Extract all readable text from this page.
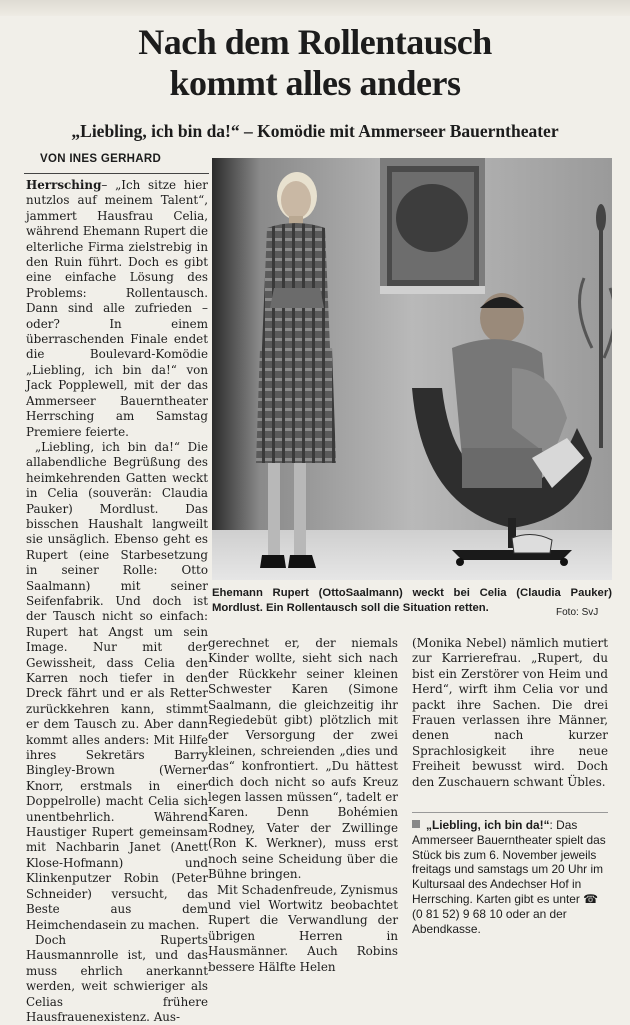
Nach dem Rollentausch
kommt alles anders
„Liebling, ich bin da!“ – Komödie mit Ammerseer Bauerntheater
VON INES GERHARD

Herrsching– „Ich sitze hier nutzlos auf meinem Talent“, jammert Hausfrau Celia, während Ehemann Rupert die elterliche Firma zielstrebig in den Ruin führt. Doch es gibt eine einfache Lösung des Problems: Rollentausch. Dann sind alle zufrieden – oder? In einem überraschenden Finale endet die Boulevard-Komödie „Liebling, ich bin da!“ von Jack Popplewell, mit der das Ammerseer Bauerntheater Herrsching am Samstag Premiere feierte.

„Liebling, ich bin da!“ Die allabendliche Begrüßung des heimkehrenden Gatten weckt in Celia (souverän: Claudia Pauker) Mordlust. Das bisschen Haushalt langweilt sie unsäglich. Ebenso geht es Rupert (eine Starbesetzung in seiner Rolle: Otto Saalmann) mit seiner Seifenfabrik. Und doch ist der Tausch nicht so einfach: Rupert hat Angst um sein Image. Nur mit der Gewissheit, dass Celia den Karren noch tiefer in den Dreck fährt und er als Retter zurückkehren kann, stimmt er dem Tausch zu. Aber dann kommt alles anders: Mit Hilfe ihres Sekretärs Barry Bingley-Brown (Werner Knorr, erstmals in einer Doppelrolle) macht Celia sich unentbehrlich. Während Haustiger Rupert gemeinsam mit Nachbarin Janet (Anett Klose-Hofmann) und Klinkenputzer Robin (Peter Schneider) versucht, das Beste aus dem Heimchendasein zu machen.

Doch Ruperts Hausmannrolle ist, und das muss ehrlich anerkannt werden, weit schwieriger als Celias frühere Hausfrauenexistenz. Aus-

Ehemann Rupert (OttoSaalmann) weckt bei Celia (Claudia Pauker) Mordlust. Ein Rollentausch soll die Situation retten.	Foto: SvJ

gerechnet er, der niemals Kinder wollte, sieht sich nach der Rückkehr seiner kleinen Schwester Karen (Simone Saalmann, die gleichzeitig ihr Regiedebüt gibt) plötzlich mit der Versorgung der zwei kleinen, schreienden „dies und das“ konfrontiert. „Du hättest dich doch nicht so aufs Kreuz legen lassen müssen“, tadelt er Karen. Denn Bohémien Rodney, Vater der Zwillinge (Ron K. Werkner), muss erst noch seine Scheidung über die Bühne bringen.

Mit Schadenfreude, Zynismus und viel Wortwitz beobachtet Rupert die Verwandlung der übrigen Herren in Hausmänner. Auch Robins bessere Hälfte Helen

(Monika Nebel) nämlich mutiert zur Karrierefrau. „Rupert, du bist ein Zerstörer von Heim und Herd“, wirft ihm Celia vor und packt ihre Sachen. Die drei Frauen verlassen ihre Männer, denen nach kurzer Sprachlosigkeit ihre neue Freiheit bewusst wird. Doch den Zuschauern schwant Übles.

„Liebling, ich bin da!“: Das Ammerseer Bauerntheater spielt das Stück bis zum 6. November jeweils freitags und samstags um 20 Uhr im Kultursaal des Andechser Hof in Herrsching. Karten gibt es unter ☎ (0 81 52) 9 68 10 oder an der Abendkasse.
